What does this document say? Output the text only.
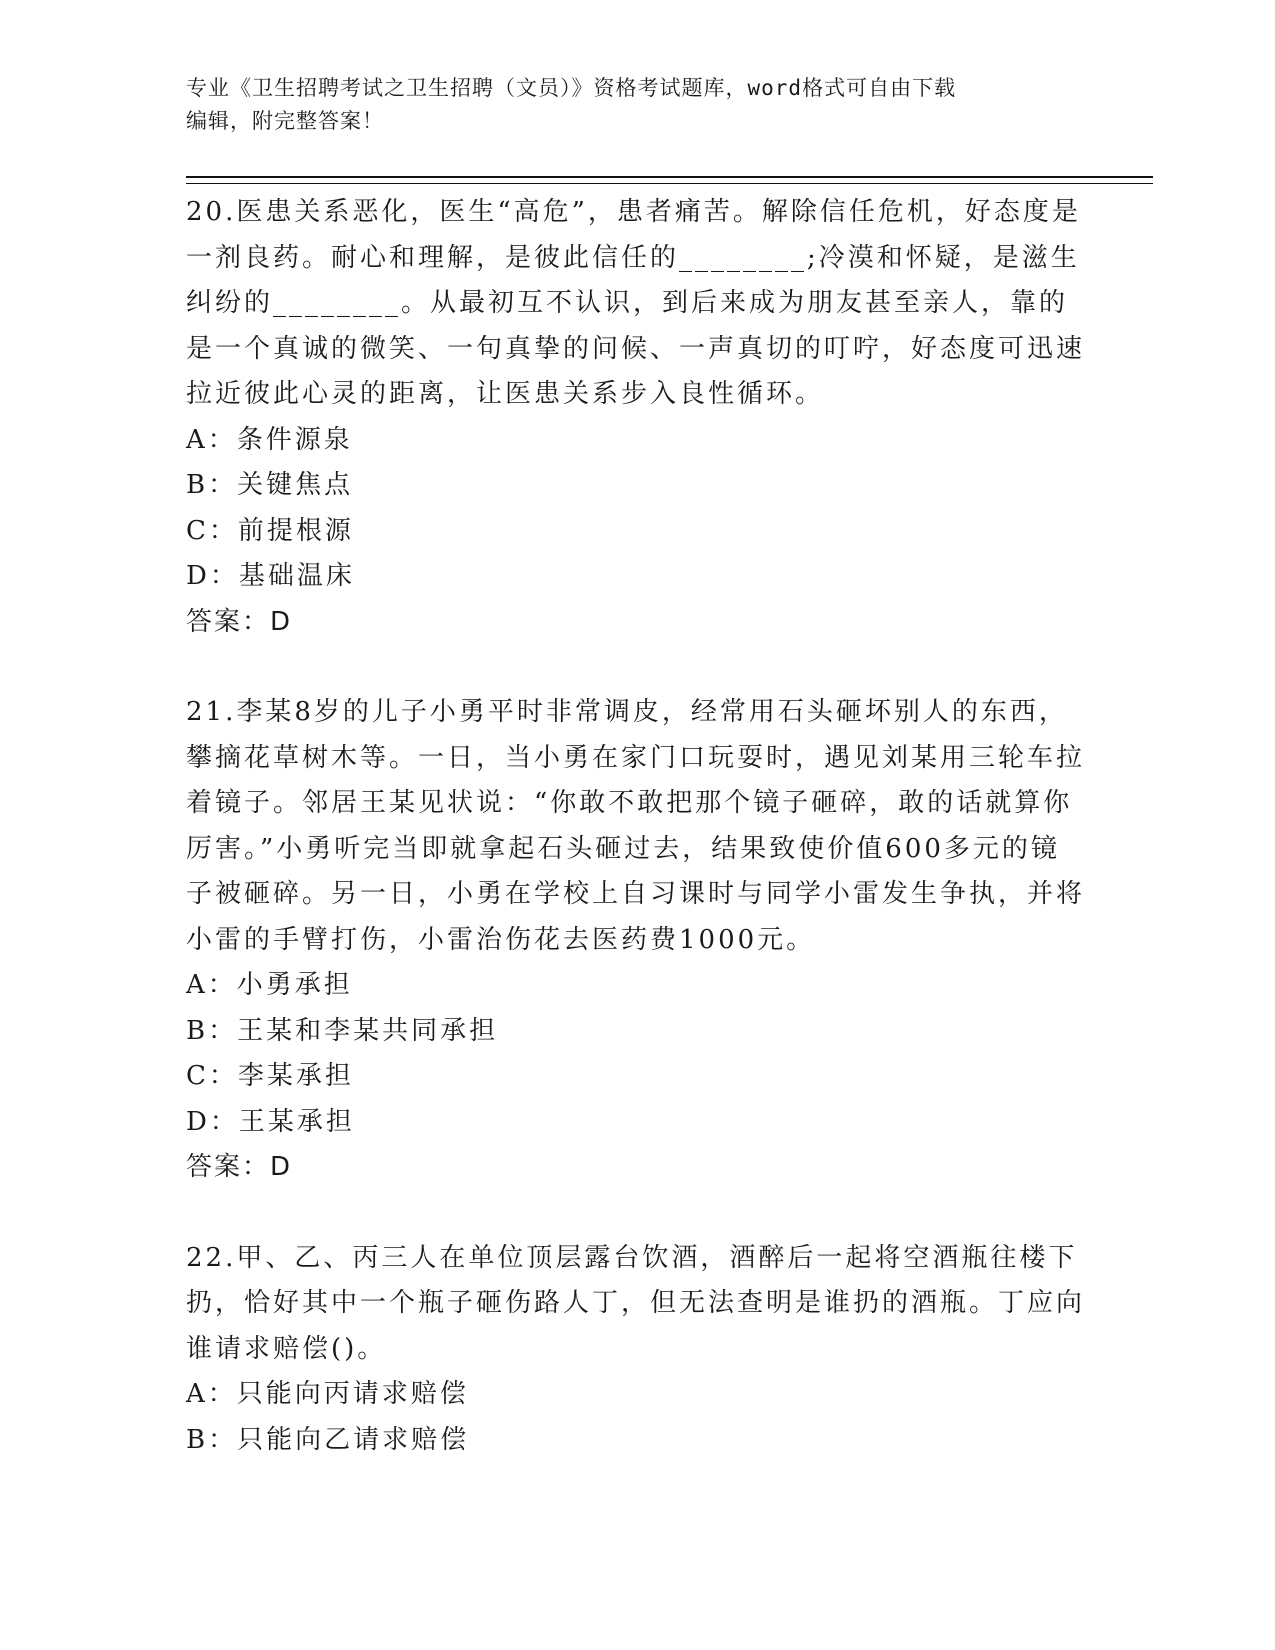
专业《卫生招聘考试之卫生招聘（文员）》资格考试题库，word格式可自由下载
编辑，附完整答案！

20.医患关系恶化，医生“高危”，患者痛苦。解除信任危机，好态度是一剂良药。耐心和理解，是彼此信任的________;冷漠和怀疑，是滋生纠纷的________。从最初互不认识，到后来成为朋友甚至亲人，靠的是一个真诚的微笑、一句真挚的问候、一声真切的叮咛，好态度可迅速拉近彼此心灵的距离，让医患关系步入良性循环。

A：条件源泉
B：关键焦点
C：前提根源
D：基础温床
答案：D

21.李某8岁的儿子小勇平时非常调皮，经常用石头砸坏别人的东西，攀摘花草树木等。一日，当小勇在家门口玩耍时，遇见刘某用三轮车拉着镜子。邻居王某见状说：“你敢不敢把那个镜子砸碎，敢的话就算你厉害。”小勇听完当即就拿起石头砸过去，结果致使价值600多元的镜子被砸碎。另一日，小勇在学校上自习课时与同学小雷发生争执，并将小雷的手臂打伤，小雷治伤花去医药费1000元。

A：小勇承担
B：王某和李某共同承担
C：李某承担
D：王某承担
答案：D

22.甲、乙、丙三人在单位顶层露台饮酒，酒醉后一起将空酒瓶往楼下扔，恰好其中一个瓶子砸伤路人丁，但无法查明是谁扔的酒瓶。丁应向谁请求赔偿()。

A：只能向丙请求赔偿
B：只能向乙请求赔偿
